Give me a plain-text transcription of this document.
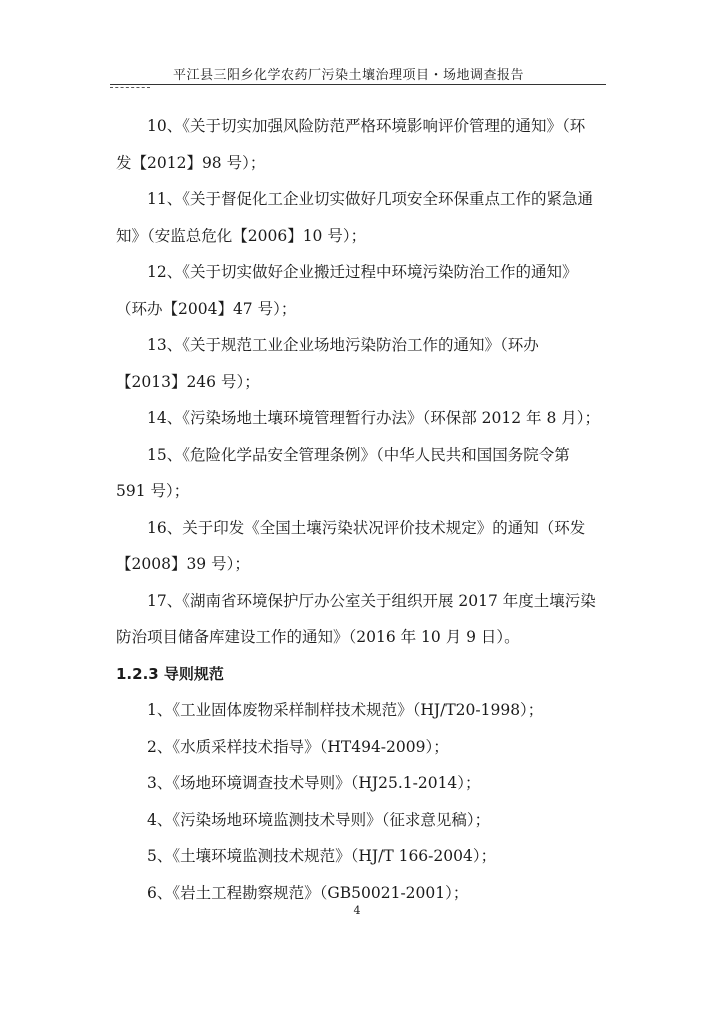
平江县三阳乡化学农药厂污染土壤治理项目・场地调查报告

10、《关于切实加强风险防范严格环境影响评价管理的通知》（环发【2012】98 号）；

11、《关于督促化工企业切实做好几项安全环保重点工作的紧急通知》（安监总危化【2006】10 号）；

12、《关于切实做好企业搬迁过程中环境污染防治工作的通知》（环办【2004】47 号）；

13、《关于规范工业企业场地污染防治工作的通知》（环办【2013】246 号）；

14、《污染场地土壤环境管理暂行办法》（环保部 2012 年 8 月）；

15、《危险化学品安全管理条例》（中华人民共和国国务院令第 591 号）；

16、关于印发《全国土壤污染状况评价技术规定》的通知（环发【2008】39 号）；

17、《湖南省环境保护厅办公室关于组织开展 2017 年度土壤污染防治项目储备库建设工作的通知》（2016 年 10 月 9 日）。

1.2.3 导则规范

1、《工业固体废物采样制样技术规范》（HJ/T20-1998）；

2、《水质采样技术指导》（HT494-2009）；

3、《场地环境调查技术导则》（HJ25.1-2014）；

4、《污染场地环境监测技术导则》（征求意见稿）；

5、《土壤环境监测技术规范》（HJ/T 166-2004）；

6、《岩土工程勘察规范》（GB50021-2001）；

4
